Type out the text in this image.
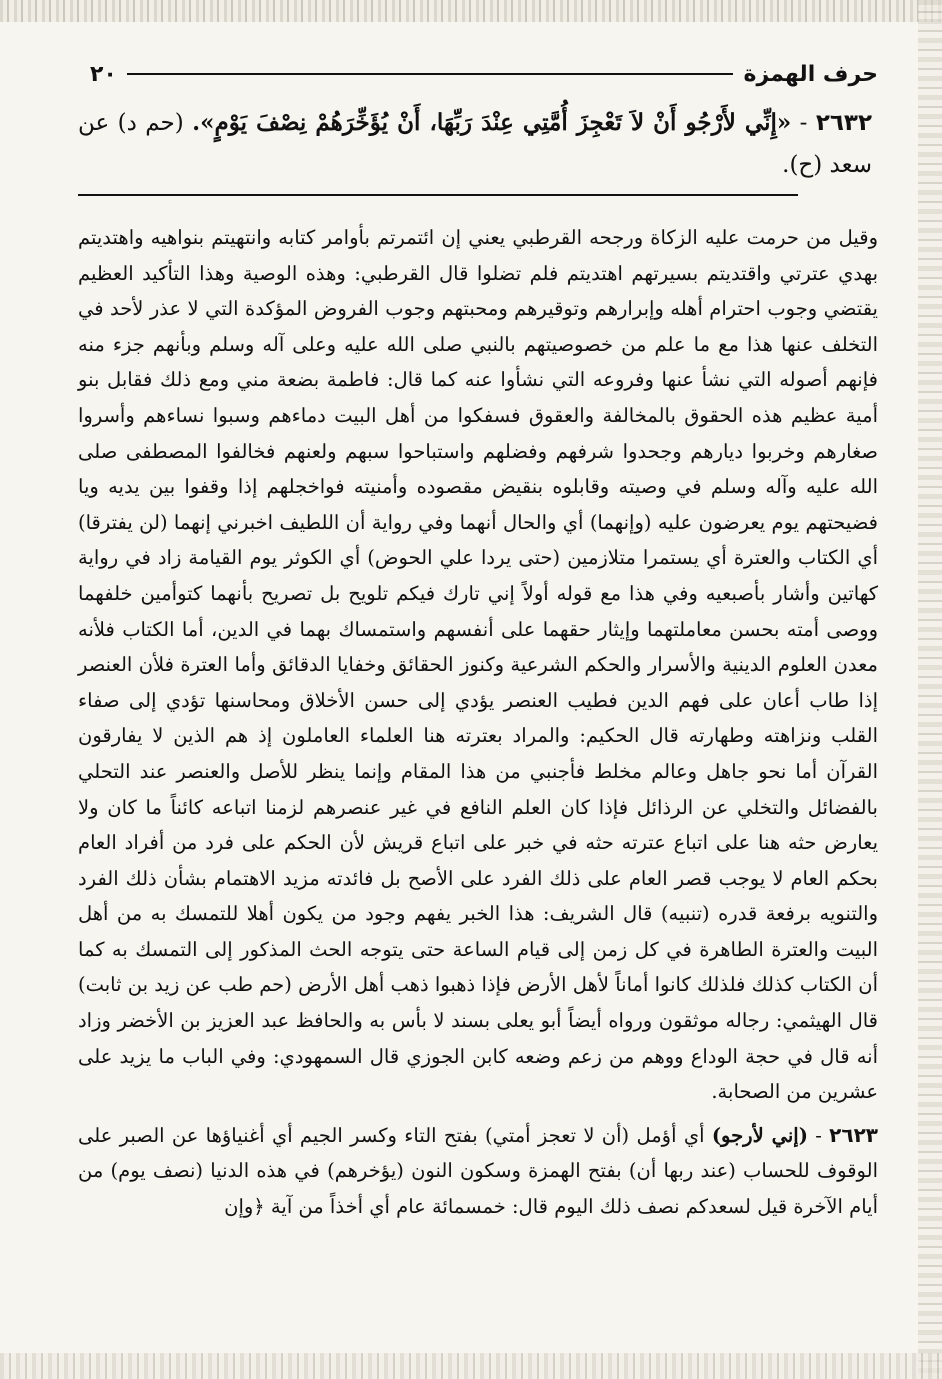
حرف الهمزة
٢٠
٢٦٣٢ - «إِنِّي لأَرْجُو أَنْ لاَ تَعْجِزَ أُمَّتِي عِنْدَ رَبِّهَا، أَنْ يُؤَخِّرَهُمْ نِصْفَ يَوْمٍ». (حم د) عن سعد (ح).
وقيل من حرمت عليه الزكاة ورجحه القرطبي يعني إن ائتمرتم بأوامر كتابه وانتهيتم بنواهيه واهتديتم بهدي عترتي واقتديتم بسيرتهم اهتديتم فلم تضلوا قال القرطبي: وهذه الوصية وهذا التأكيد العظيم يقتضي وجوب احترام أهله وإبرارهم وتوقيرهم ومحبتهم وجوب الفروض المؤكدة التي لا عذر لأحد في التخلف عنها هذا مع ما علم من خصوصيتهم بالنبي صلى الله عليه وعلى آله وسلم وبأنهم جزء منه فإنهم أصوله التي نشأ عنها وفروعه التي نشأوا عنه كما قال: فاطمة بضعة مني ومع ذلك فقابل بنو أمية عظيم هذه الحقوق بالمخالفة والعقوق فسفكوا من أهل البيت دماءهم وسبوا نساءهم وأسروا صغارهم وخربوا ديارهم وجحدوا شرفهم وفضلهم واستباحوا سبهم ولعنهم فخالفوا المصطفى صلى الله عليه وآله وسلم في وصيته وقابلوه بنقيض مقصوده وأمنيته فواخجلهم إذا وقفوا بين يديه ويا فضيحتهم يوم يعرضون عليه (وإنهما) أي والحال أنهما وفي رواية أن اللطيف اخبرني إنهما (لن يفترقا) أي الكتاب والعترة أي يستمرا متلازمين (حتى يردا علي الحوض) أي الكوثر يوم القيامة زاد في رواية كهاتين وأشار بأصبعيه وفي هذا مع قوله أولاً إني تارك فيكم تلويح بل تصريح بأنهما كتوأمين خلفهما ووصى أمته بحسن معاملتهما وإيثار حقهما على أنفسهم واستمساك بهما في الدين، أما الكتاب فلأنه معدن العلوم الدينية والأسرار والحكم الشرعية وكنوز الحقائق وخفايا الدقائق وأما العترة فلأن العنصر إذا طاب أعان على فهم الدين فطيب العنصر يؤدي إلى حسن الأخلاق ومحاسنها تؤدي إلى صفاء القلب ونزاهته وطهارته قال الحكيم: والمراد بعترته هنا العلماء العاملون إذ هم الذين لا يفارقون القرآن أما نحو جاهل وعالم مخلط فأجنبي من هذا المقام وإنما ينظر للأصل والعنصر عند التحلي بالفضائل والتخلي عن الرذائل فإذا كان العلم النافع في غير عنصرهم لزمنا اتباعه كائناً ما كان ولا يعارض حثه هنا على اتباع عترته حثه في خبر على اتباع قريش لأن الحكم على فرد من أفراد العام بحكم العام لا يوجب قصر العام على ذلك الفرد على الأصح بل فائدته مزيد الاهتمام بشأن ذلك الفرد والتنويه برفعة قدره (تنبيه) قال الشريف: هذا الخبر يفهم وجود من يكون أهلا للتمسك به من أهل البيت والعترة الطاهرة في كل زمن إلى قيام الساعة حتى يتوجه الحث المذكور إلى التمسك به كما أن الكتاب كذلك فلذلك كانوا أماناً لأهل الأرض فإذا ذهبوا ذهب أهل الأرض (حم طب عن زيد بن ثابت) قال الهيثمي: رجاله موثقون ورواه أيضاً أبو يعلى بسند لا بأس به والحافظ عبد العزيز بن الأخضر وزاد أنه قال في حجة الوداع ووهم من زعم وضعه كابن الجوزي قال السمهودي: وفي الباب ما يزيد على عشرين من الصحابة.
٢٦٢٣ - (إني لأرجو) أي أؤمل (أن لا تعجز أمتي) بفتح التاء وكسر الجيم أي أغنياؤها عن الصبر على الوقوف للحساب (عند ربها أن) بفتح الهمزة وسكون النون (يؤخرهم) في هذه الدنيا (نصف يوم) من أيام الآخرة قيل لسعدكم نصف ذلك اليوم قال: خمسمائة عام أي أخذاً من آية ﴿وإن
